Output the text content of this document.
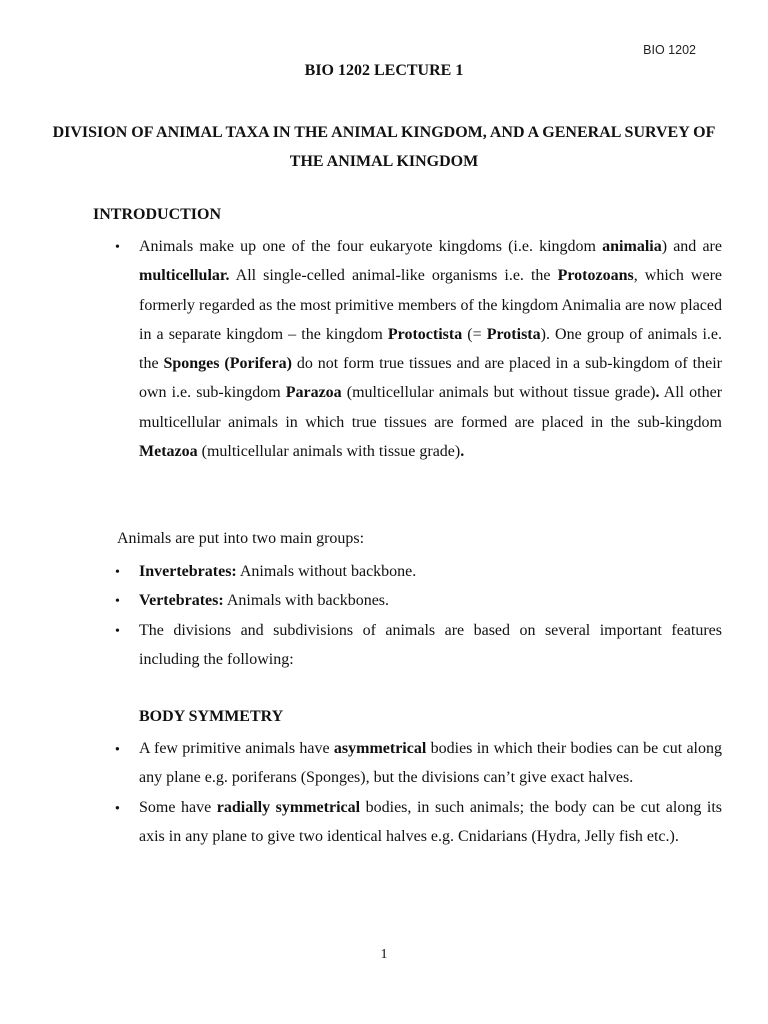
BIO 1202
BIO 1202 LECTURE 1
DIVISION OF ANIMAL TAXA IN THE ANIMAL KINGDOM, AND A GENERAL SURVEY OF THE ANIMAL KINGDOM
INTRODUCTION
•
Animals make up one of the four eukaryote kingdoms (i.e. kingdom animalia) and are multicellular. All single-celled animal-like organisms i.e. the Protozoans, which were formerly regarded as the most primitive members of the kingdom Animalia are now placed in a separate kingdom – the kingdom Protoctista (= Protista). One group of animals i.e. the Sponges (Porifera) do not form true tissues and are placed in a sub-kingdom of their own i.e. sub-kingdom Parazoa (multicellular animals but without tissue grade). All other multicellular animals in which true tissues are formed are placed in the sub-kingdom Metazoa (multicellular animals with tissue grade).
Animals are put into two main groups:
•
Invertebrates: Animals without backbone.
•
Vertebrates: Animals with backbones.
•
The divisions and subdivisions of animals are based on several important features including the following:
BODY SYMMETRY
●
A few primitive animals have asymmetrical bodies in which their bodies can be cut along any plane e.g. poriferans (Sponges), but the divisions can’t give exact halves.
●
Some have radially symmetrical bodies, in such animals; the body can be cut along its axis in any plane to give two identical halves e.g. Cnidarians (Hydra, Jelly fish etc.).
1
